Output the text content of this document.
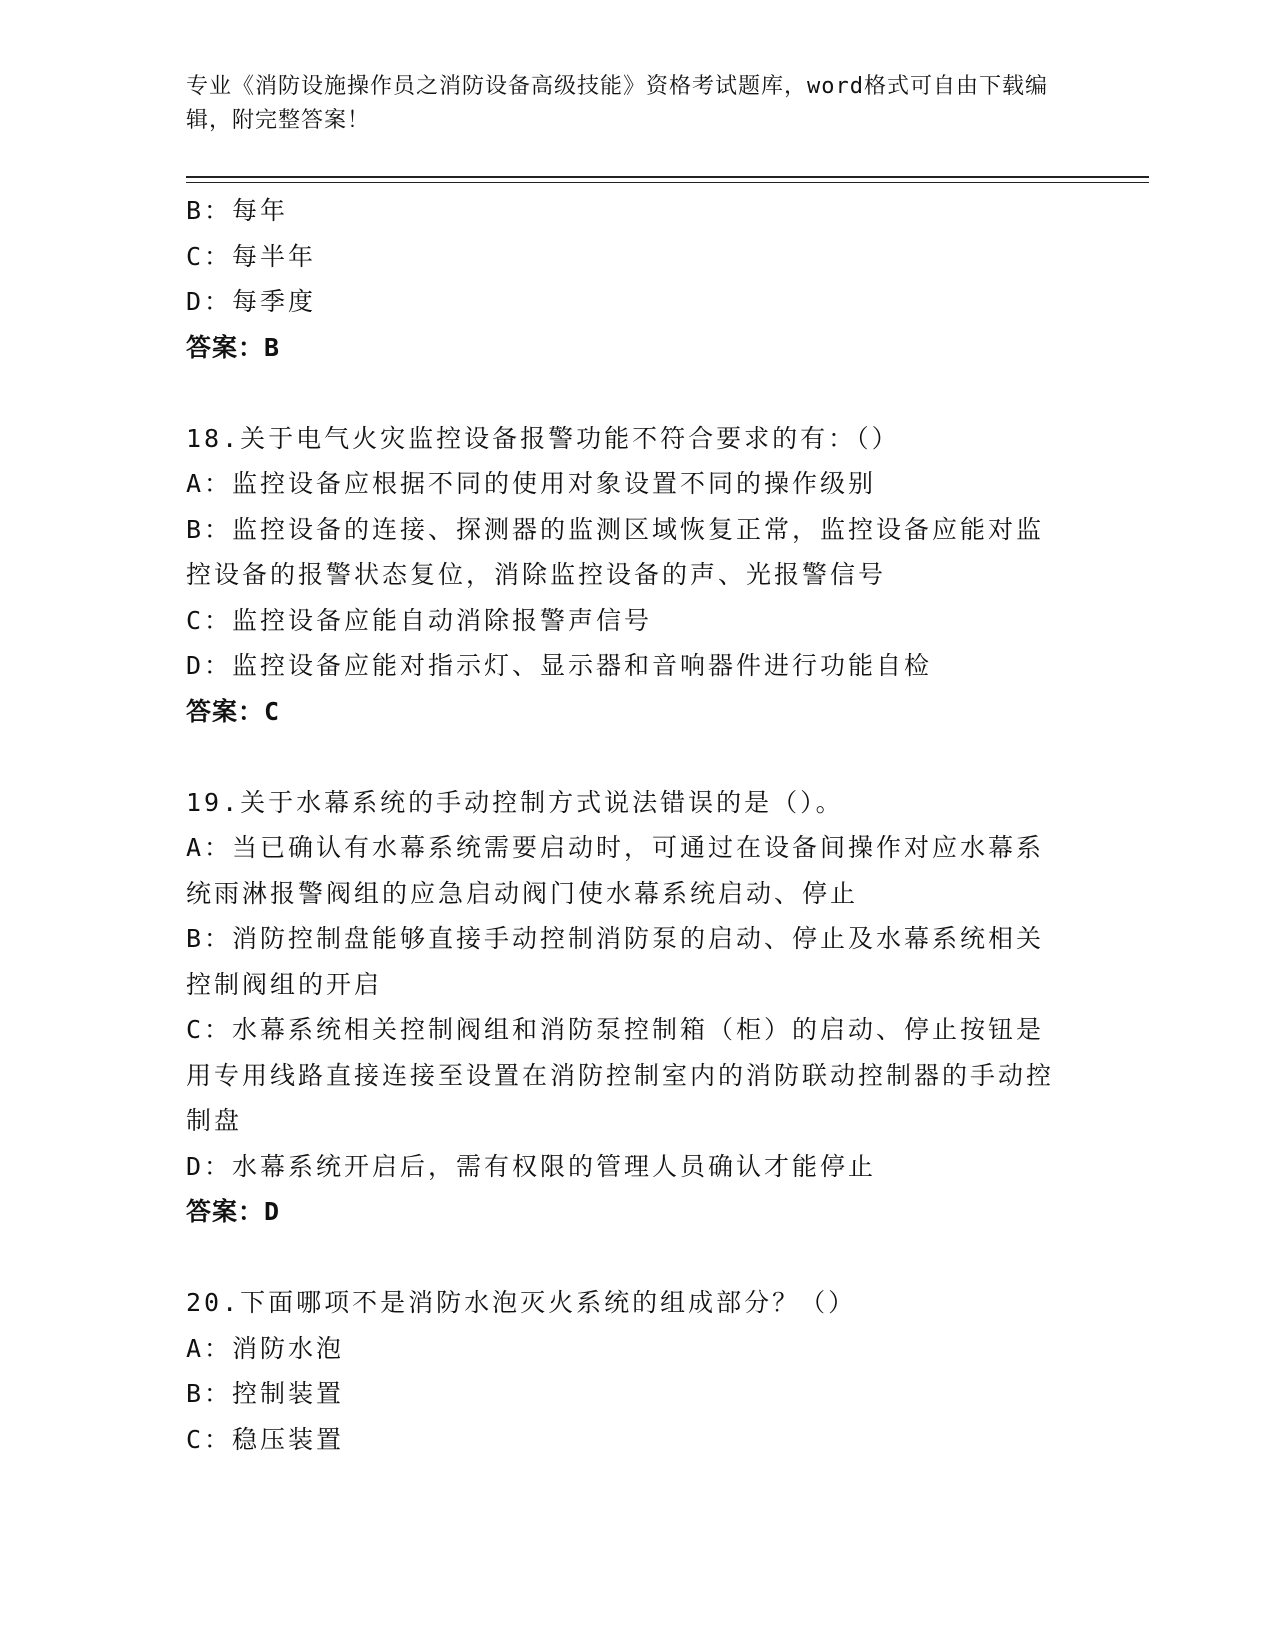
专业《消防设施操作员之消防设备高级技能》资格考试题库，word格式可自由下载编辑，附完整答案！

B：每年

C：每半年

D：每季度

答案：B

18.关于电气火灾监控设备报警功能不符合要求的有：（）

A：监控设备应根据不同的使用对象设置不同的操作级别

B：监控设备的连接、探测器的监测区域恢复正常，监控设备应能对监控设备的报警状态复位，消除监控设备的声、光报警信号

C：监控设备应能自动消除报警声信号

D：监控设备应能对指示灯、显示器和音响器件进行功能自检

答案：C

19.关于水幕系统的手动控制方式说法错误的是（）。

A：当已确认有水幕系统需要启动时，可通过在设备间操作对应水幕系统雨淋报警阀组的应急启动阀门使水幕系统启动、停止

B：消防控制盘能够直接手动控制消防泵的启动、停止及水幕系统相关控制阀组的开启

C：水幕系统相关控制阀组和消防泵控制箱（柜）的启动、停止按钮是用专用线路直接连接至设置在消防控制室内的消防联动控制器的手动控制盘

D：水幕系统开启后，需有权限的管理人员确认才能停止

答案：D

20.下面哪项不是消防水泡灭火系统的组成部分？（）

A：消防水泡

B：控制装置

C：稳压装置
